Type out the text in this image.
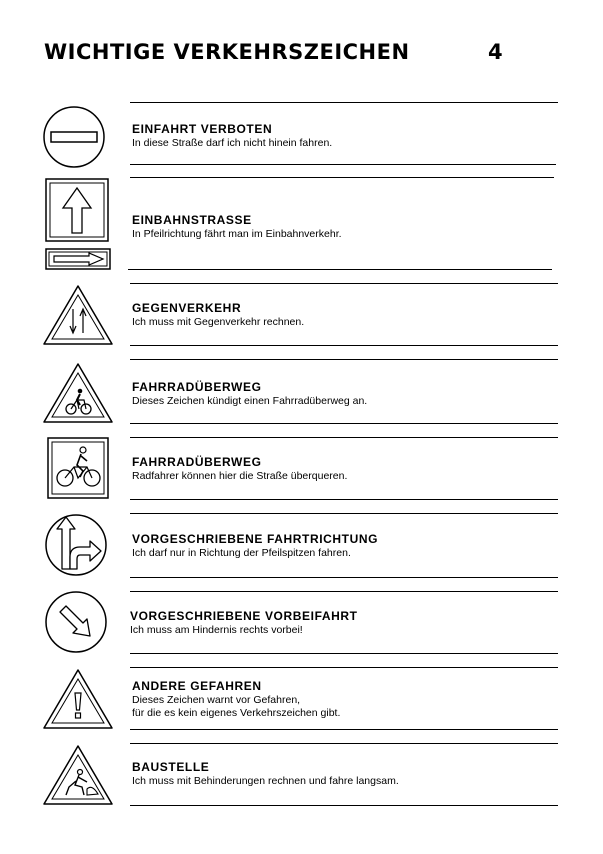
WICHTIGE VERKEHRSZEICHEN	4
EINFAHRT VERBOTEN
In diese Straße darf ich nicht hinein fahren.
EINBAHNSTRASSE
In Pfeilrichtung fährt man im Einbahnverkehr.
GEGENVERKEHR
Ich muss mit Gegenverkehr rechnen.
FAHRRADÜBERWEG
Dieses Zeichen kündigt einen Fahrradüberweg an.
FAHRRADÜBERWEG
Radfahrer können hier die Straße überqueren.
VORGESCHRIEBENE FAHRTRICHTUNG
Ich darf nur in Richtung der Pfeilspitzen fahren.
VORGESCHRIEBENE VORBEIFAHRT
Ich muss am Hindernis rechts vorbei!
ANDERE GEFAHREN
Dieses Zeichen warnt vor Gefahren,
für die es kein eigenes Verkehrszeichen gibt.
BAUSTELLE
Ich muss mit Behinderungen rechnen und fahre langsam.
